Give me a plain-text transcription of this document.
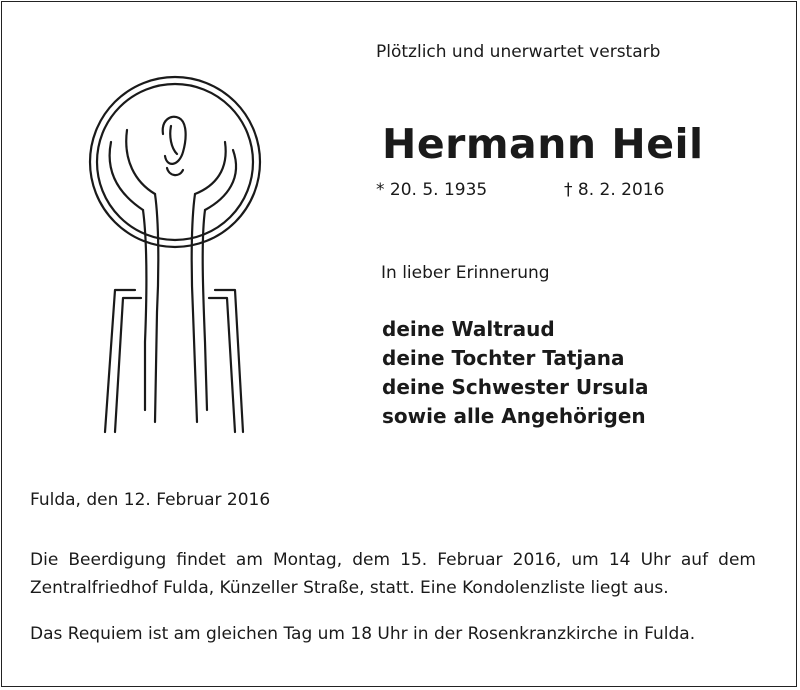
Plötzlich und unerwartet verstarb
Hermann Heil
* 20. 5. 1935	† 8. 2. 2016
In lieber Erinnerung
deine Waltraud
deine Tochter Tatjana
deine Schwester Ursula
sowie alle Angehörigen
Fulda, den 12. Februar 2016

Die Beerdigung findet am Montag, dem 15. Februar 2016, um 14 Uhr auf dem Zentralfriedhof Fulda, Künzeller Straße, statt. Eine Kondolenzliste liegt aus.

Das Requiem ist am gleichen Tag um 18 Uhr in der Rosenkranzkirche in Fulda.
